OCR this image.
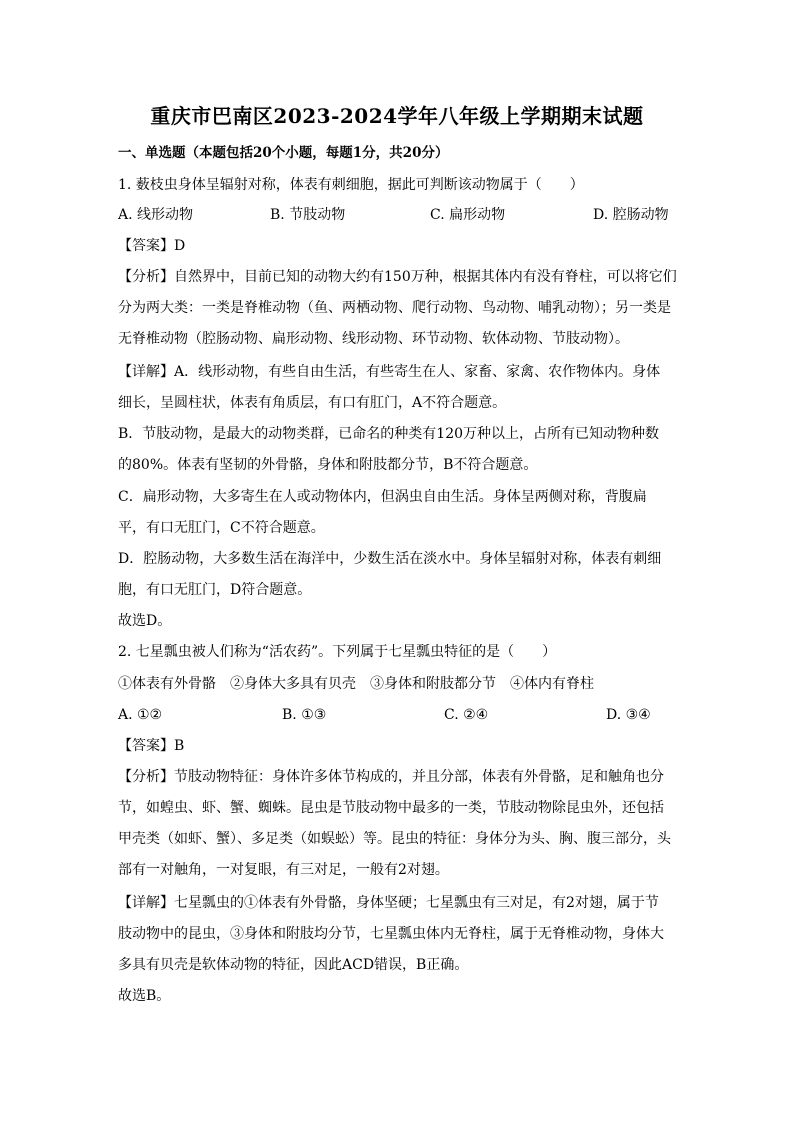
重庆市巴南区2023-2024学年八年级上学期期末试题
一、单选题（本题包括20个小题，每题1分，共20分）
1. 薮枝虫身体呈辐射对称，体表有刺细胞，据此可判断该动物属于（　　）
A. 线形动物	B. 节肢动物	C. 扁形动物	D. 腔肠动物
【答案】D
【分析】自然界中，目前已知的动物大约有150万种，根据其体内有没有脊柱，可以将它们
分为两大类：一类是脊椎动物（鱼、两栖动物、爬行动物、鸟动物、哺乳动物）；另一类是
无脊椎动物（腔肠动物、扁形动物、线形动物、环节动物、软体动物、节肢动物）。
【详解】A．线形动物，有些自由生活，有些寄生在人、家畜、家禽、农作物体内。身体
细长，呈圆柱状，体表有角质层，有口有肛门，A不符合题意。
B．节肢动物，是最大的动物类群，已命名的种类有120万种以上，占所有已知动物种数
的80%。体表有坚韧的外骨骼，身体和附肢都分节，B不符合题意。
C．扁形动物，大多寄生在人或动物体内，但涡虫自由生活。身体呈两侧对称，背腹扁
平，有口无肛门，C不符合题意。
D．腔肠动物，大多数生活在海洋中，少数生活在淡水中。身体呈辐射对称，体表有刺细
胞，有口无肛门，D符合题意。
故选D。
2. 七星瓢虫被人们称为“活农药”。下列属于七星瓢虫特征的是（　　）
①体表有外骨骼　②身体大多具有贝壳　③身体和附肢都分节　④体内有脊柱
A. ①②	B. ①③	C. ②④	D. ③④
【答案】B
【分析】节肢动物特征：身体许多体节构成的，并且分部，体表有外骨骼，足和触角也分
节，如蝗虫、虾、蟹、蜘蛛。昆虫是节肢动物中最多的一类，节肢动物除昆虫外，还包括
甲壳类（如虾、蟹）、多足类（如蜈蚣）等。昆虫的特征：身体分为头、胸、腹三部分，头
部有一对触角，一对复眼，有三对足，一般有2对翅。
【详解】七星瓢虫的①体表有外骨骼，身体坚硬；七星瓢虫有三对足，有2对翅，属于节
肢动物中的昆虫，③身体和附肢均分节，七星瓢虫体内无脊柱，属于无脊椎动物，身体大
多具有贝壳是软体动物的特征，因此ACD错误，B正确。
故选B。
